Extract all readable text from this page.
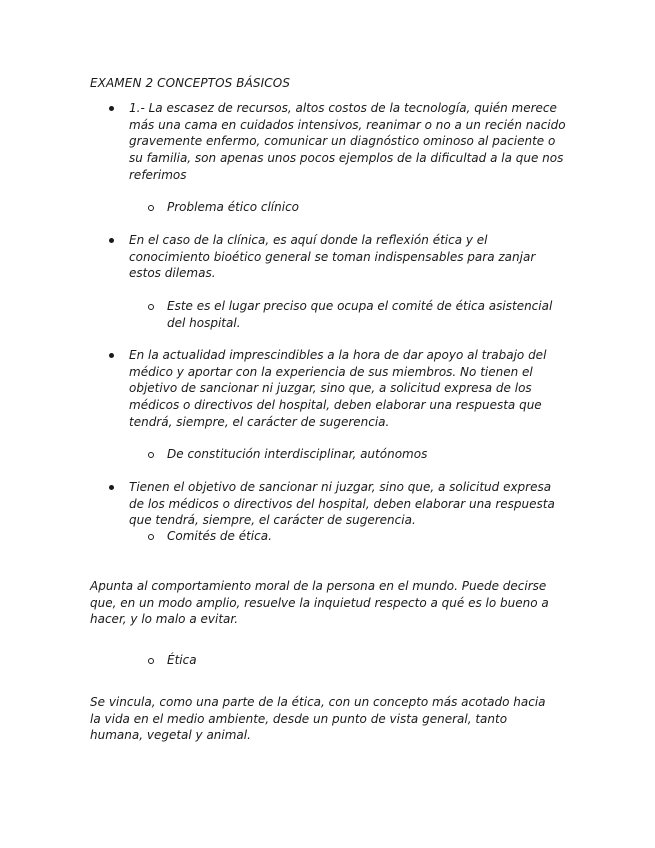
EXAMEN 2 CONCEPTOS BÁSICOS
1.- La escasez de recursos, altos costos de la tecnología, quién merece más una cama en cuidados intensivos, reanimar o no a un recién nacido gravemente enfermo, comunicar un diagnóstico ominoso al paciente o su familia, son apenas unos pocos ejemplos de la dificultad a la que nos referimos
Problema ético clínico
En el caso de la clínica, es aquí donde la reflexión ética y el conocimiento bioético general se toman indispensables para zanjar estos dilemas.
Este es el lugar preciso que ocupa el comité de ética asistencial del hospital.
En la actualidad imprescindibles a la hora de dar apoyo al trabajo del médico y aportar con la experiencia de sus miembros. No tienen el objetivo de sancionar ni juzgar, sino que, a solicitud expresa de los médicos o directivos del hospital, deben elaborar una respuesta que tendrá, siempre, el carácter de sugerencia.
De constitución interdisciplinar, autónomos
Tienen el objetivo de sancionar ni juzgar, sino que, a solicitud expresa de los médicos o directivos del hospital, deben elaborar una respuesta que tendrá, siempre, el carácter de sugerencia.
Comités de ética.
Apunta al comportamiento moral de la persona en el mundo. Puede decirse que, en un modo amplio, resuelve la inquietud respecto a qué es lo bueno a hacer, y lo malo a evitar.
Ética
Se vincula, como una parte de la ética, con un concepto más acotado hacia la vida en el medio ambiente, desde un punto de vista general, tanto humana, vegetal y animal.
